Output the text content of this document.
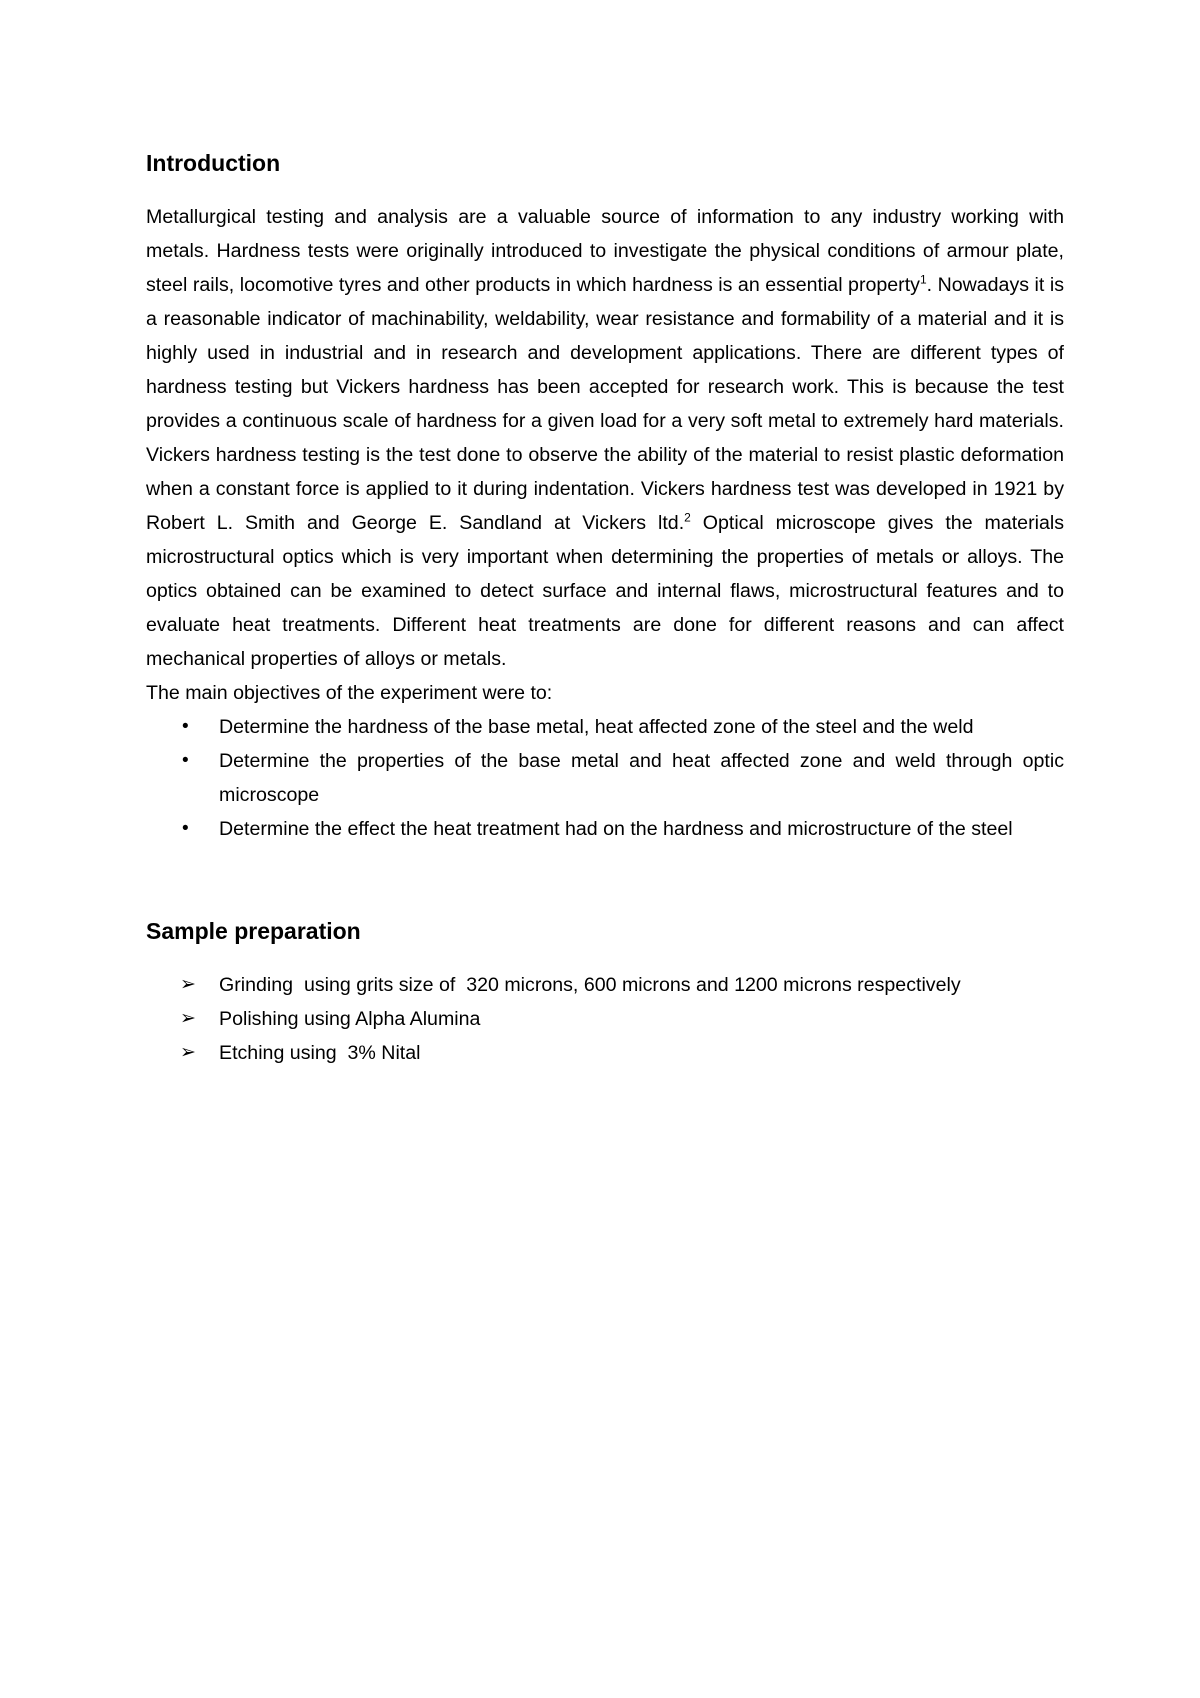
Introduction

Metallurgical testing and analysis are a valuable source of information to any industry working with metals. Hardness tests were originally introduced to investigate the physical conditions of armour plate, steel rails, locomotive tyres and other products in which hardness is an essential property$^1$. Nowadays it is a reasonable indicator of machinability, weldability, wear resistance and formability of a material and it is highly used in industrial and in research and development applications. There are different types of hardness testing but Vickers hardness has been accepted for research work. This is because the test provides a continuous scale of hardness for a given load for a very soft metal to extremely hard materials. Vickers hardness testing is the test done to observe the ability of the material to resist plastic deformation when a constant force is applied to it during indentation. Vickers hardness test was developed in 1921 by Robert L. Smith and George E. Sandland at Vickers ltd.$^2$ Optical microscope gives the materials microstructural optics which is very important when determining the properties of metals or alloys. The optics obtained can be examined to detect surface and internal flaws, microstructural features and to evaluate heat treatments. Different heat treatments are done for different reasons and can affect mechanical properties of alloys or metals.

The main objectives of the experiment were to:

• Determine the hardness of the base metal, heat affected zone of the steel and the weld
• Determine the properties of the base metal and heat affected zone and weld through optic microscope
• Determine the effect the heat treatment had on the hardness and microstructure of the steel
Sample preparation
➢ Grinding  using grits size of  320 microns, 600 microns and 1200 microns respectively
➢ Polishing using Alpha Alumina
➢ Etching using  3% Nital
